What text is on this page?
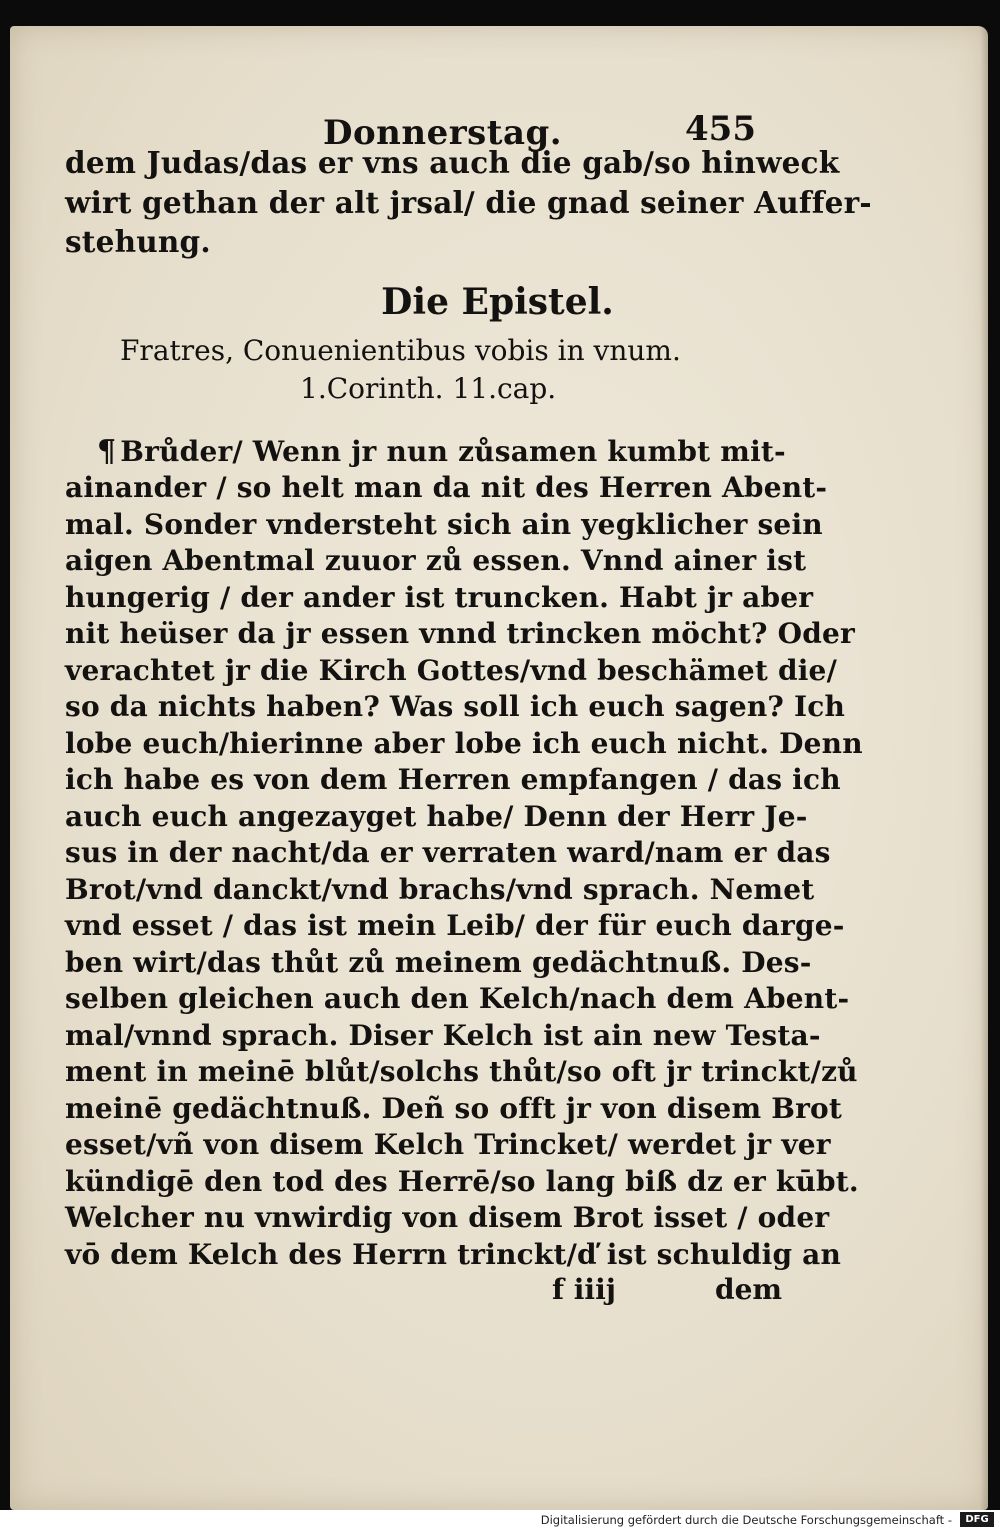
Donnerstag.	455
dem Judas/das er vns auch die gab/so hinweck
wirt gethan der alt jrsal/ die gnad seiner Auffer-
stehung.
Die Epistel.
Fratres, Conuenientibus vobis in vnum.
1.Corinth. 11.cap.
¶ Brůder/ Wenn jr nun zůsamen kumbt mit-
ainander / so helt man da nit des Herren Abent-
mal. Sonder vndersteht sich ain yegklicher sein
aigen Abentmal zuuor zů essen. Vnnd ainer ist
hungerig / der ander ist truncken. Habt jr aber
nit heüser da jr essen vnnd trincken möcht? Oder
verachtet jr die Kirch Gottes/vnd beschämet die/
so da nichts haben? Was soll ich euch sagen? Ich
lobe euch/hierinne aber lobe ich euch nicht. Denn
ich habe es von dem Herren empfangen / das ich
auch euch angezayget habe/ Denn der Herr Je-
sus in der nacht/da er verraten ward/nam er das
Brot/vnd danckt/vnd brachs/vnd sprach. Nemet
vnd esset / das ist mein Leib/ der für euch darge-
ben wirt/das thůt zů meinem gedächtnuß. Des-
selben gleichen auch den Kelch/nach dem Abent-
mal/vnnd sprach. Diser Kelch ist ain new Testa-
ment in meinē blůt/solchs thůt/so oft jr trinckt/zů
meinē gedächtnuß. Deñ so offt jr von disem Brot
esset/vñ von disem Kelch Trincket/ werdet jr ver
kündigē den tod des Herrē/so lang biß dz er kūbt.
Welcher nu vnwirdig von disem Brot isset / oder
vō dem Kelch des Herrn trinckt/ď ist schuldig an
f iiij	dem
Digitalisierung gefördert durch die Deutsche Forschungsgemeinschaft -	DFG
